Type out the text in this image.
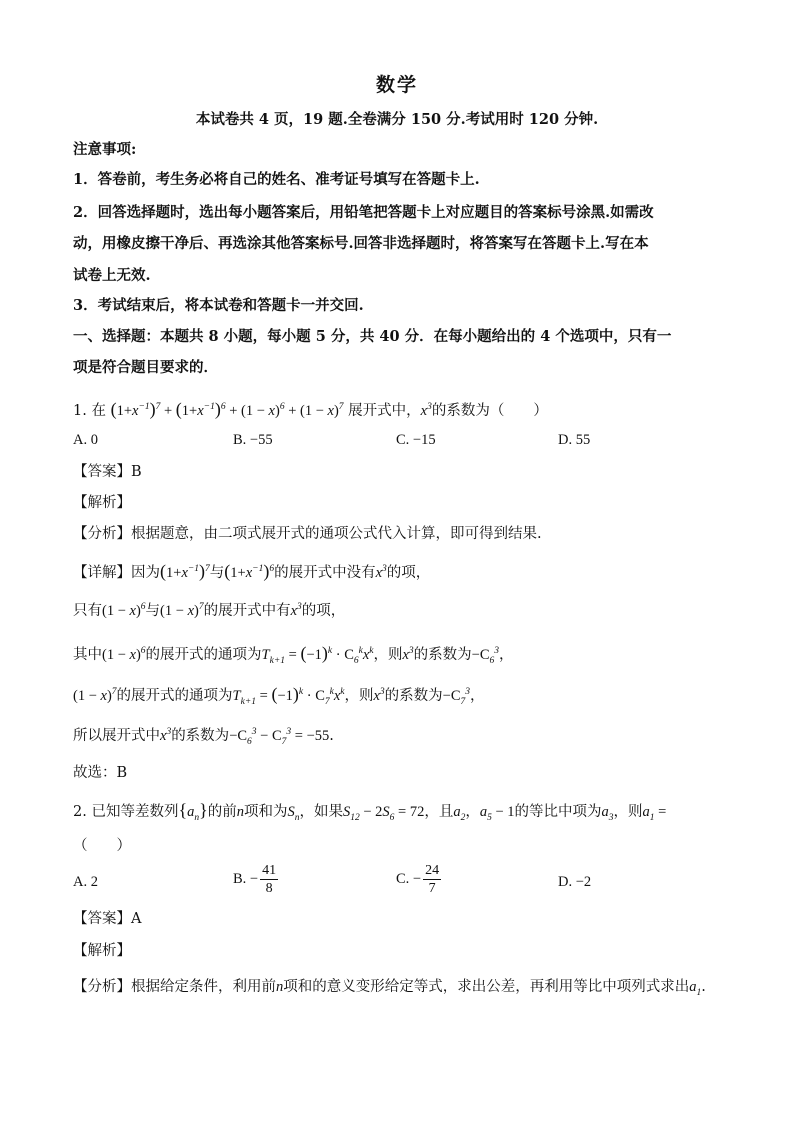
数学
本试卷共 4 页，19 题.全卷满分 150 分.考试用时 120 分钟.
注意事项:
1．答卷前，考生务必将自己的姓名、准考证号填写在答题卡上.
2．回答选择题时，选出每小题答案后，用铅笔把答题卡上对应题目的答案标号涂黑.如需改
动，用橡皮擦干净后、再选涂其他答案标号.回答非选择题时，将答案写在答题卡上.写在本
试卷上无效.
3．考试结束后，将本试卷和答题卡一并交回.
一、选择题：本题共 8 小题，每小题 5 分，共 40 分．在每小题给出的 4 个选项中，只有一
项是符合题目要求的．
1. 在 $(1+x^{-1})^7 + (1+x^{-1})^6 + (1 - x)^6 + (1 - x)^7$ 展开式中，$x^3$的系数为（　　）
A. 0	B. −55	C. −15	D. 55
【答案】B
【解析】
【分析】根据题意，由二项式展开式的通项公式代入计算，即可得到结果.
【详解】因为$(1+x^{-1})^7$与$(1+x^{-1})^6$的展开式中没有$x^3$的项，
只有$(1 - x)^6$与$(1 - x)^7$的展开式中有$x^3$的项，
其中$(1 - x)^6$的展开式的通项为$T_{k+1} = (-1)^k \cdot C_6^kx^k$，则$x^3$的系数为$-C_6^3$，
$(1 - x)^7$的展开式的通项为$T_{k+1} = (-1)^k \cdot C_7^kx^k$，则$x^3$的系数为$-C_7^3$，
所以展开式中$x^3$的系数为$-C_6^3 - C_7^3 = -55$.
故选：B
2. 已知等差数列$\{a_n\}$的前n项和为$S_n$，如果$S_{12} - 2S_6 = 72$，且$a_2$，$a_5 - 1$的等比中项为$a_3$，则$a_1$ =
（　　）
A. 2	B. − $\frac{41}{8}$	C. − $\frac{24}{7}$	D. −2
【答案】A
【解析】
【分析】根据给定条件，利用前n项和的意义变形给定等式，求出公差，再利用等比中项列式求出$a_1$.
